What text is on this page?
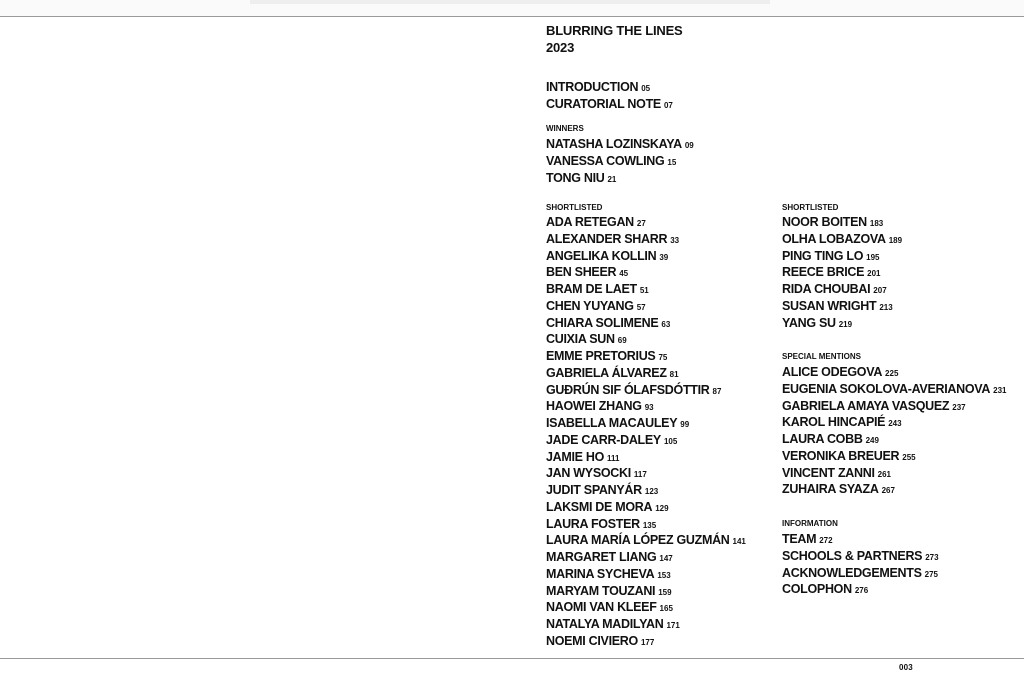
BLURRING THE LINES
2023
INTRODUCTION 05
CURATORIAL NOTE 07
WINNERS
NATASHA LOZINSKAYA 09
VANESSA COWLING 15
TONG NIU 21
SHORTLISTED
ADA RETEGAN 27
ALEXANDER SHARR 33
ANGELIKA KOLLIN 39
BEN SHEER 45
BRAM DE LAET 51
CHEN YUYANG 57
CHIARA SOLIMENE 63
CUIXIA SUN 69
EMME PRETORIUS 75
GABRIELA ÁLVAREZ 81
GUÐRÚN SIF ÓLAFSDÓTTIR 87
HAOWEI ZHANG 93
ISABELLA MACAULEY 99
JADE CARR-DALEY 105
JAMIE HO 111
JAN WYSOCKI 117
JUDIT SPANYÁR 123
LAKSMI DE MORA 129
LAURA FOSTER 135
LAURA MARÍA LÓPEZ GUZMÁN 141
MARGARET LIANG 147
MARINA SYCHEVA 153
MARYAM TOUZANI 159
NAOMI VAN KLEEF 165
NATALYA MADILYAN 171
NOEMI CIVIERO 177
SHORTLISTED
NOOR BOITEN 183
OLHA LOBAZOVA 189
PING TING LO 195
REECE BRICE 201
RIDA CHOUBAI 207
SUSAN WRIGHT 213
YANG SU 219
SPECIAL MENTIONS
ALICE ODEGOVA 225
EUGENIA SOKOLOVA-AVERIANOVA 231
GABRIELA AMAYA VASQUEZ 237
KAROL HINCAPIÉ 243
LAURA COBB 249
VERONIKA BREUER 255
VINCENT ZANNI 261
ZUHAIRA SYAZA 267
INFORMATION
TEAM 272
SCHOOLS & PARTNERS 273
ACKNOWLEDGEMENTS 275
COLOPHON 276
003
